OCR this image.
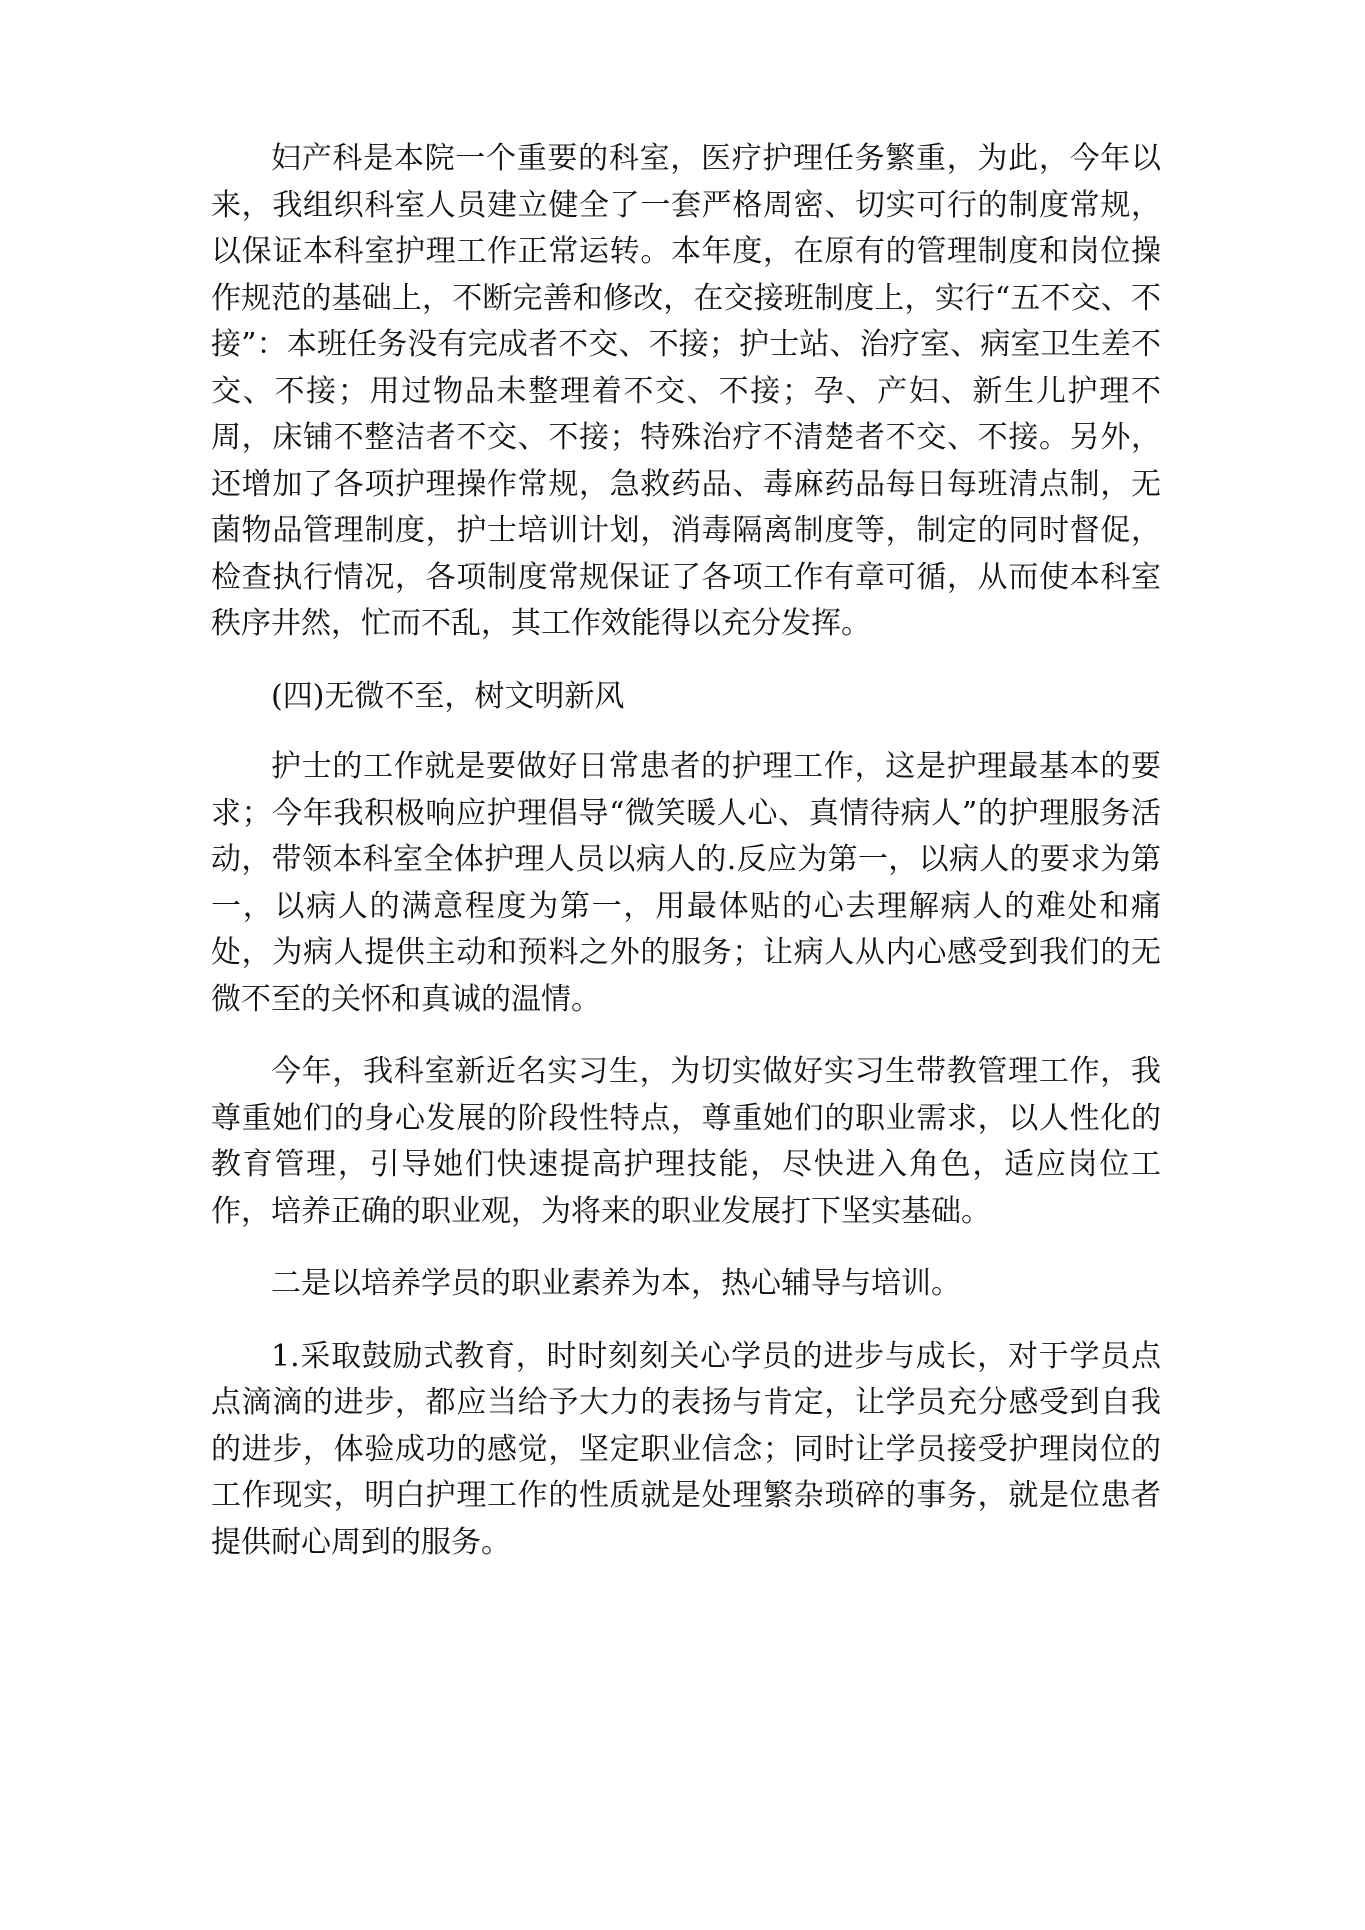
妇产科是本院一个重要的科室，医疗护理任务繁重，为此，今年以来，我组织科室人员建立健全了一套严格周密、切实可行的制度常规，以保证本科室护理工作正常运转。本年度，在原有的管理制度和岗位操作规范的基础上，不断完善和修改，在交接班制度上，实行“五不交、不接”：本班任务没有完成者不交、不接；护士站、治疗室、病室卫生差不交、不接；用过物品未整理着不交、不接；孕、产妇、新生儿护理不周，床铺不整洁者不交、不接；特殊治疗不清楚者不交、不接。另外，还增加了各项护理操作常规，急救药品、毒麻药品每日每班清点制，无菌物品管理制度，护士培训计划，消毒隔离制度等，制定的同时督促，检查执行情况，各项制度常规保证了各项工作有章可循，从而使本科室秩序井然，忙而不乱，其工作效能得以充分发挥。

(四)无微不至，树文明新风

护士的工作就是要做好日常患者的护理工作，这是护理最基本的要求；今年我积极响应护理倡导“微笑暖人心、真情待病人”的护理服务活动，带领本科室全体护理人员以病人的.反应为第一，以病人的要求为第一，以病人的满意程度为第一，用最体贴的心去理解病人的难处和痛处，为病人提供主动和预料之外的服务；让病人从内心感受到我们的无微不至的关怀和真诚的温情。

今年，我科室新近名实习生，为切实做好实习生带教管理工作，我尊重她们的身心发展的阶段性特点，尊重她们的职业需求，以人性化的教育管理，引导她们快速提高护理技能，尽快进入角色，适应岗位工作，培养正确的职业观，为将来的职业发展打下坚实基础。

二是以培养学员的职业素养为本，热心辅导与培训。

1.采取鼓励式教育，时时刻刻关心学员的进步与成长，对于学员点点滴滴的进步，都应当给予大力的表扬与肯定，让学员充分感受到自我的进步，体验成功的感觉，坚定职业信念；同时让学员接受护理岗位的工作现实，明白护理工作的性质就是处理繁杂琐碎的事务，就是位患者提供耐心周到的服务。
